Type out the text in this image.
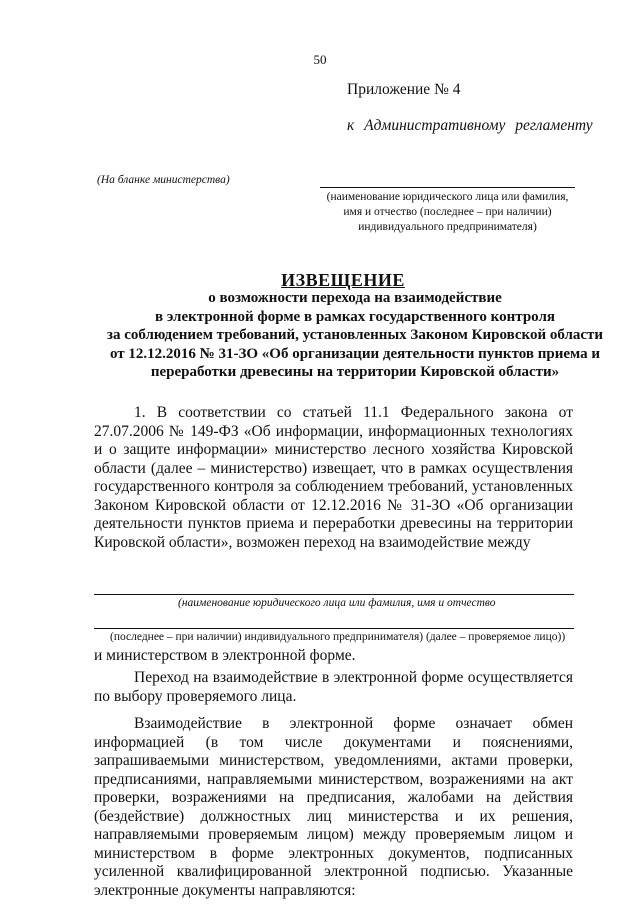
50
Приложение № 4
к Административному регламенту
(На бланке министерства)
(наименование юридического лица или фамилия,
имя и отчество (последнее – при наличии)
индивидуального предпринимателя)
ИЗВЕЩЕНИЕ
о возможности перехода на взаимодействие
в электронной форме в рамках государственного контроля
за соблюдением требований, установленных Законом Кировской области
от 12.12.2016 № 31-ЗО «Об организации деятельности пунктов приема и
переработки древесины на территории Кировской области»
1. В соответствии со статьей 11.1 Федерального закона от 27.07.2006 № 149-ФЗ «Об информации, информационных технологиях и о защите информации» министерство лесного хозяйства Кировской области (далее – министерство) извещает, что в рамках осуществления государственного контроля за соблюдением требований, установленных Законом Кировской области от 12.12.2016 № 31-ЗО «Об организации деятельности пунктов приема и переработки древесины на территории Кировской области», возможен переход на взаимодействие между
(наименование юридического лица или фамилия, имя и отчество
(последнее – при наличии) индивидуального предпринимателя) (далее – проверяемое лицо))
и министерством в электронной форме.
Переход на взаимодействие в электронной форме осуществляется по выбору проверяемого лица.
Взаимодействие в электронной форме означает обмен информацией (в том числе документами и пояснениями, запрашиваемыми министерством, уведомлениями, актами проверки, предписаниями, направляемыми министерством, возражениями на акт проверки, возражениями на предписания, жалобами на действия (бездействие) должностных лиц министерства и их решения, направляемыми проверяемым лицом) между проверяемым лицом и министерством в форме электронных документов, подписанных усиленной квалифицированной электронной подписью. Указанные электронные документы направляются:
